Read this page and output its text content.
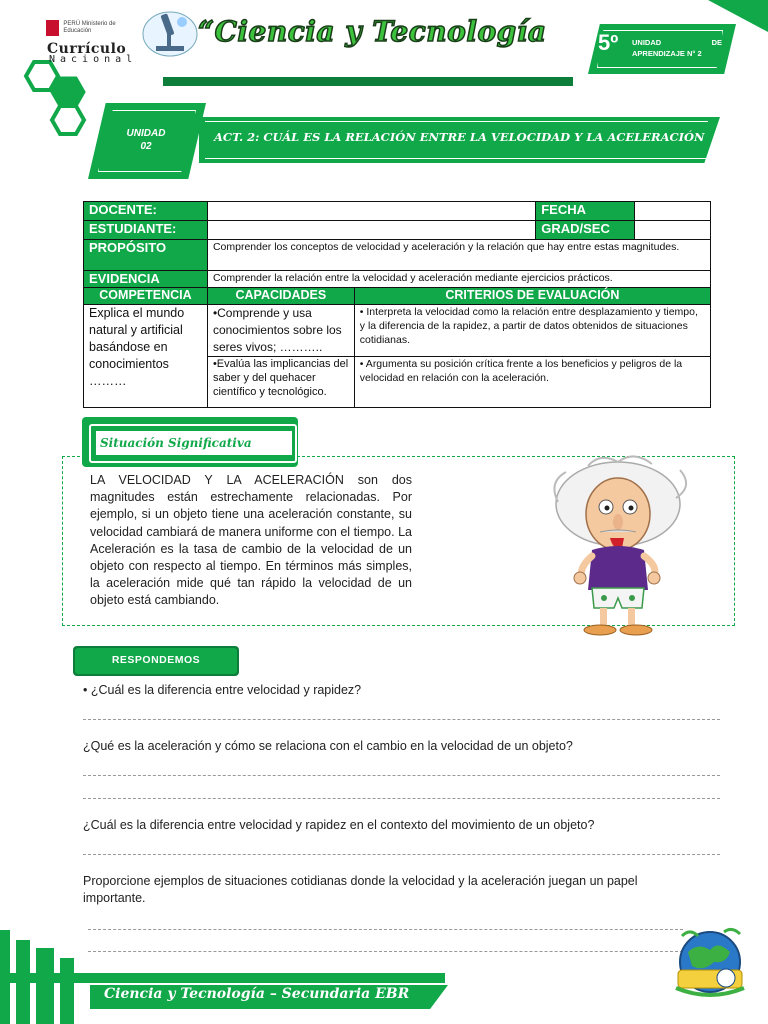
PERÚ Ministerio de Educación
Currículo
Nacional
“Ciencia y Tecnología 5º UNIDAD	DE
APRENDIZAJE N° 2
ACT. 2: CUÁL ES LA RELACIÓN ENTRE LA VELOCIDAD Y LA ACELERACIÓN
UNIDAD
02
DOCENTE:			FECHA	
ESTUDIANTE:			GRAD/SEC	
PROPÓSITO	Comprender los conceptos de velocidad y aceleración y la relación que hay entre estas magnitudes.			
EVIDENCIA	Comprender la relación entre la velocidad y aceleración mediante ejercicios prácticos.			
COMPETENCIA	CAPACIDADES	CRITERIOS DE EVALUACIÓN		
Explica el mundo natural y artificial basándose en conocimientos ………	•Comprende y usa conocimientos sobre los seres vivos; ………..	• Interpreta la velocidad como la relación entre desplazamiento y tiempo, y la diferencia de la rapidez, a partir de datos obtenidos de situaciones cotidianas.		
	•Evalúa las implicancias del saber y del quehacer científico y tecnológico.	• Argumenta su posición crítica frente a los beneficios y peligros de la velocidad en relación con la aceleración.		
Situación Significativa
LA VELOCIDAD Y LA ACELERACIÓN son dos magnitudes están estrechamente relacionadas. Por ejemplo, si un objeto tiene una aceleración constante, su velocidad cambiará de manera uniforme con el tiempo. La Aceleración es la tasa de cambio de la velocidad de un objeto con respecto al tiempo. En términos más simples, la aceleración mide qué tan rápido la velocidad de un objeto está cambiando.
RESPONDEMOS
• ¿Cuál es la diferencia entre velocidad y rapidez?
¿Qué es la aceleración y cómo se relaciona con el cambio en la velocidad de un objeto?
¿Cuál es la diferencia entre velocidad y rapidez en el contexto del movimiento de un objeto?
Proporcione ejemplos de situaciones cotidianas donde la velocidad y la aceleración juegan un papel importante.
Ciencia y Tecnología – Secundaria EBR
